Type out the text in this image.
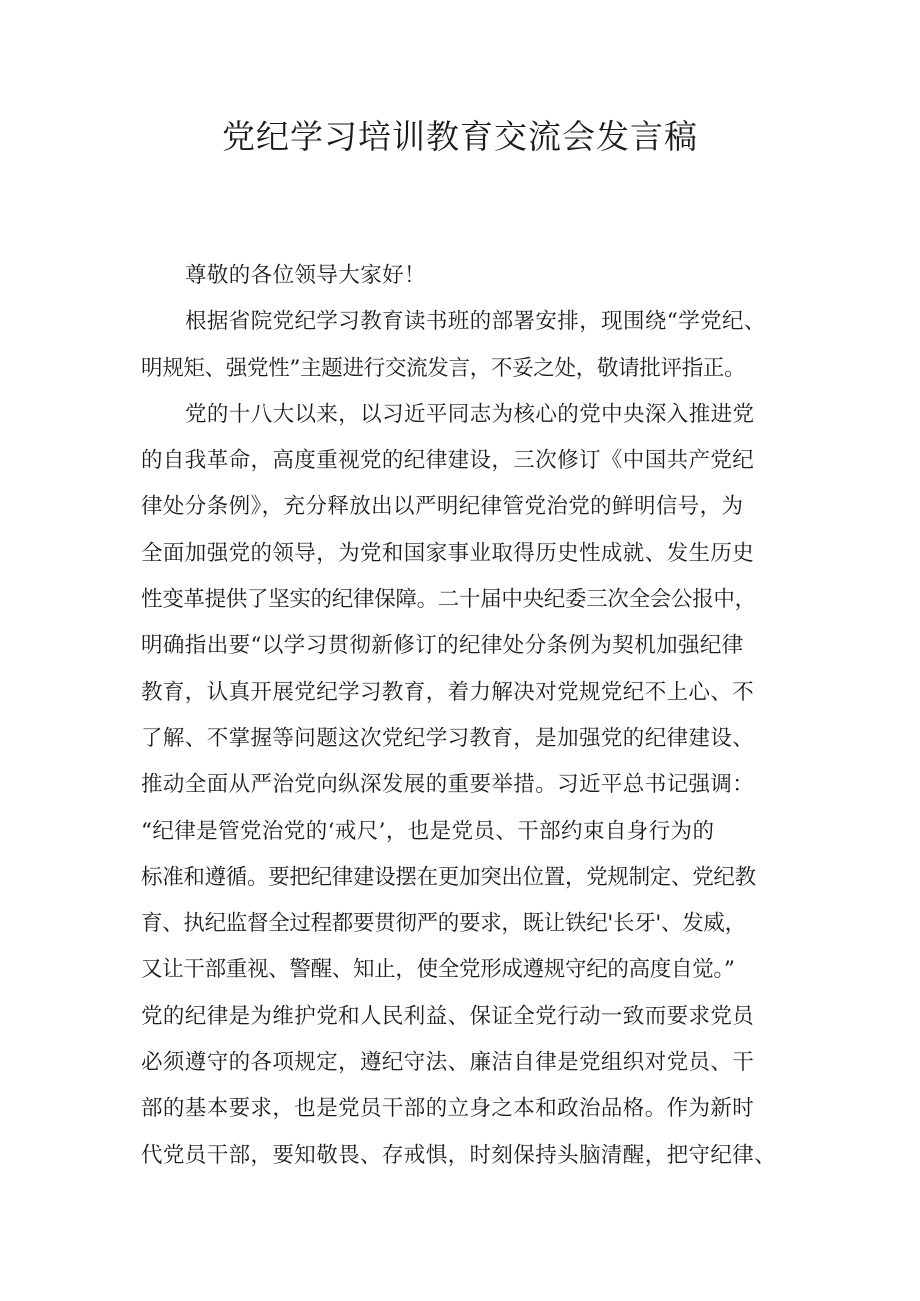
党纪学习培训教育交流会发言稿
尊敬的各位领导大家好！
根据省院党纪学习教育读书班的部署安排，现围绕“学党纪、
明规矩、强党性”主题进行交流发言，不妥之处，敬请批评指正。
党的十八大以来，以习近平同志为核心的党中央深入推进党
的自我革命，高度重视党的纪律建设，三次修订《中国共产党纪
律处分条例》，充分释放出以严明纪律管党治党的鲜明信号，为
全面加强党的领导，为党和国家事业取得历史性成就、发生历史
性变革提供了坚实的纪律保障。二十届中央纪委三次全会公报中，
明确指出要“以学习贯彻新修订的纪律处分条例为契机加强纪律
教育，认真开展党纪学习教育，着力解决对党规党纪不上心、不
了解、不掌握等问题这次党纪学习教育，是加强党的纪律建设、
推动全面从严治党向纵深发展的重要举措。习近平总书记强调：
“纪律是管党治党的‘戒尺’，也是党员、干部约束自身行为的
标准和遵循。要把纪律建设摆在更加突出位置，党规制定、党纪教
育、执纪监督全过程都要贯彻严的要求，既让铁纪'长牙'、发威，
又让干部重视、警醒、知止，使全党形成遵规守纪的高度自觉。”
党的纪律是为维护党和人民利益、保证全党行动一致而要求党员
必须遵守的各项规定，遵纪守法、廉洁自律是党组织对党员、干
部的基本要求，也是党员干部的立身之本和政治品格。作为新时
代党员干部，要知敬畏、存戒惧，时刻保持头脑清醒，把守纪律、
